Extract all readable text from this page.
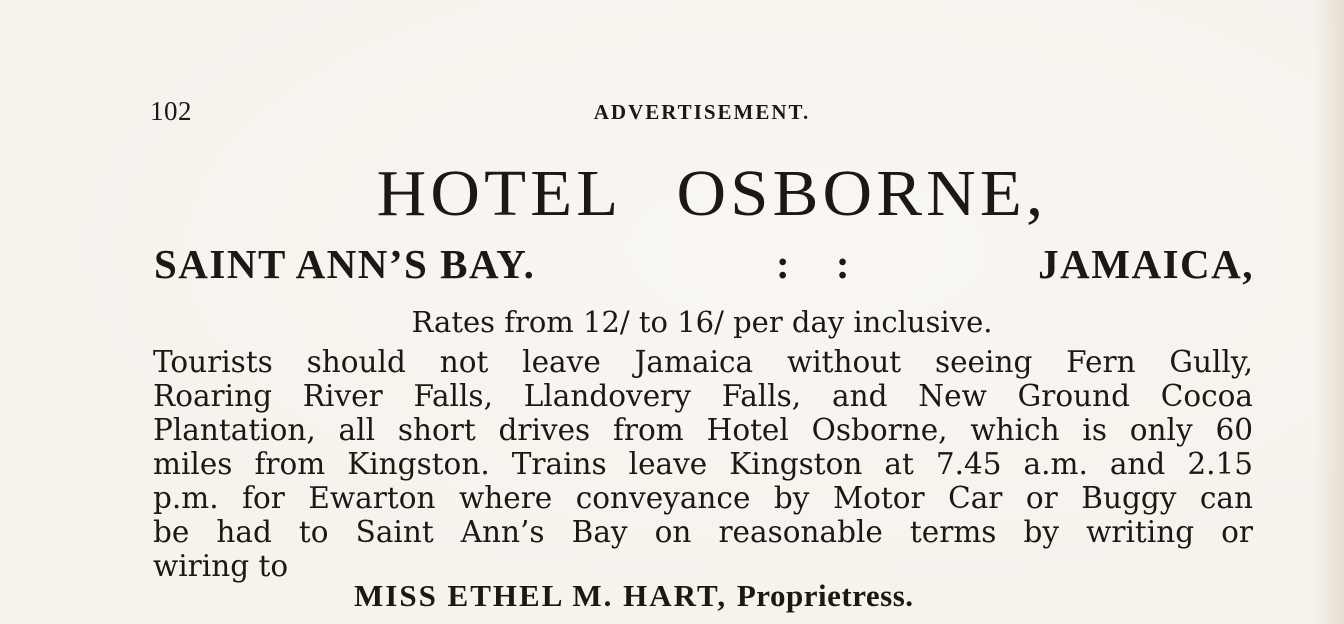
102	ADVERTISEMENT.
HOTEL OSBORNE,
SAINT ANN’S BAY.	: :	JAMAICA,
Rates from 12/ to 16/ per day inclusive.
Tourists should not leave Jamaica without seeing Fern Gully,
Roaring River Falls, Llandovery Falls, and New Ground Cocoa
Plantation, all short drives from Hotel Osborne, which is only 60
miles from Kingston. Trains leave Kingston at 7.45 a.m. and 2.15
p.m. for Ewarton where conveyance by Motor Car or Buggy can
be had to Saint Ann’s Bay on reasonable terms by writing or
wiring to
MISS ETHEL M. HART, Proprietress.
